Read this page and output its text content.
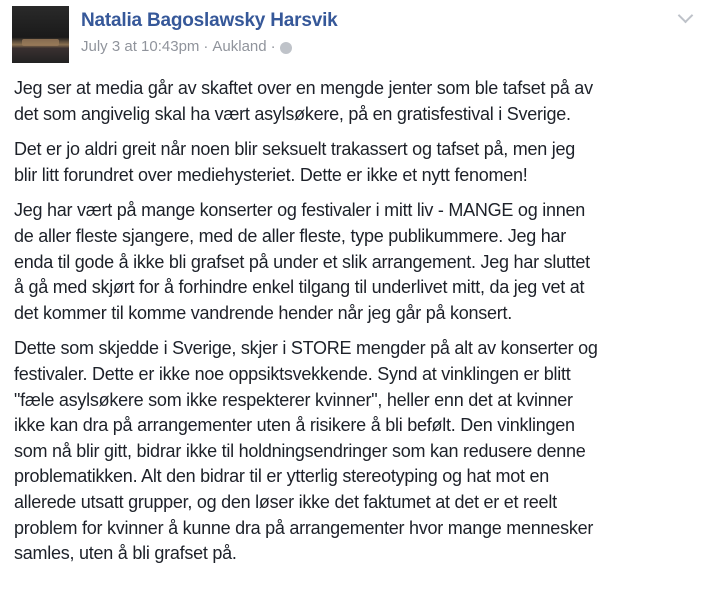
Natalia Bagoslawsky Harsvik
July 3 at 10:43pm · Aukland ·
Jeg ser at media går av skaftet over en mengde jenter som ble tafset på av
det som angivelig skal ha vært asylsøkere, på en gratisfestival i Sverige.
Det er jo aldri greit når noen blir seksuelt trakassert og tafset på, men jeg
blir litt forundret over mediehysteriet. Dette er ikke et nytt fenomen!
Jeg har vært på mange konserter og festivaler i mitt liv - MANGE og innen
de aller fleste sjangere, med de aller fleste, type publikummere. Jeg har
enda til gode å ikke bli grafset på under et slik arrangement. Jeg har sluttet
å gå med skjørt for å forhindre enkel tilgang til underlivet mitt, da jeg vet at
det kommer til komme vandrende hender når jeg går på konsert.
Dette som skjedde i Sverige, skjer i STORE mengder på alt av konserter og
festivaler. Dette er ikke noe oppsiktsvekkende. Synd at vinklingen er blitt
"fæle asylsøkere som ikke respekterer kvinner", heller enn det at kvinner
ikke kan dra på arrangementer uten å risikere å bli befølt. Den vinklingen
som nå blir gitt, bidrar ikke til holdningsendringer som kan redusere denne
problematikken. Alt den bidrar til er ytterlig stereotyping og hat mot en
allerede utsatt grupper, og den løser ikke det faktumet at det er et reelt
problem for kvinner å kunne dra på arrangementer hvor mange mennesker
samles, uten å bli grafset på.
